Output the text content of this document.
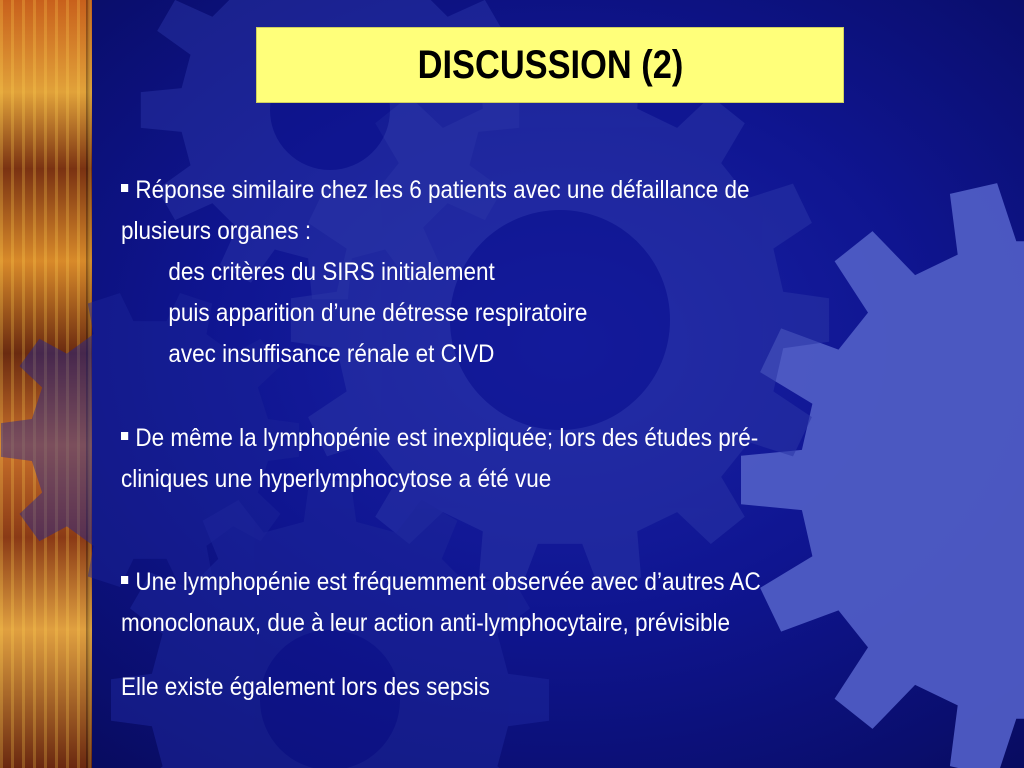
DISCUSSION (2)
Réponse similaire chez les 6 patients avec une défaillance de
plusieurs organes :
des critères du SIRS initialement
puis apparition d’une détresse respiratoire
avec insuffisance rénale et CIVD
De même la lymphopénie est inexpliquée; lors des études pré-
cliniques une hyperlymphocytose a été vue
Une lymphopénie est fréquemment observée avec d’autres AC
monoclonaux, due à leur action anti-lymphocytaire, prévisible
Elle existe également lors des sepsis
